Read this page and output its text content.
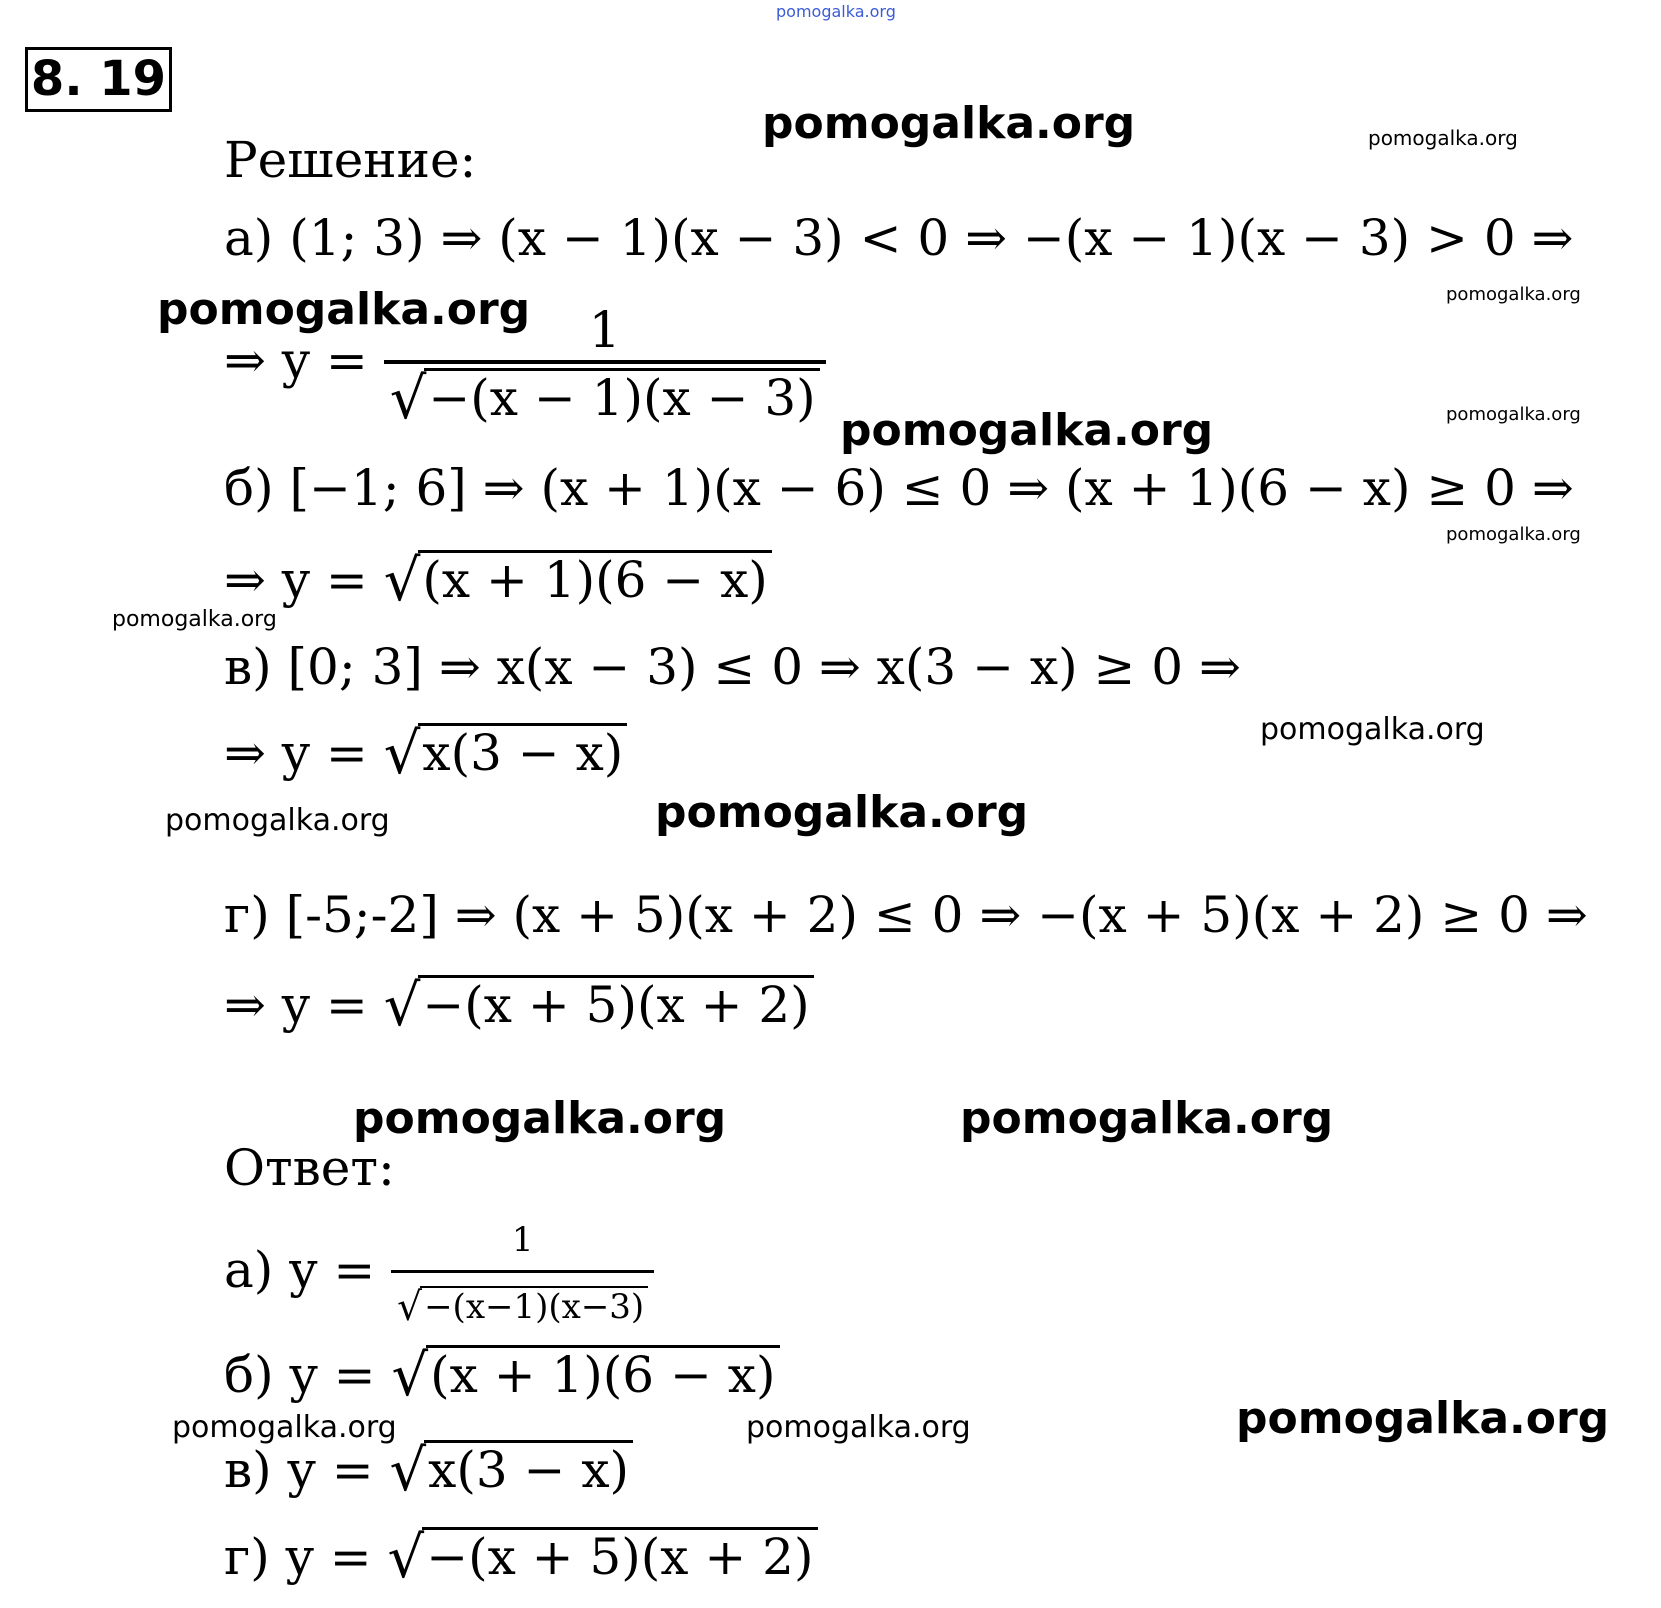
pomogalka.org
8. 19
pomogalka.org	pomogalka.org
pomogalka.org	pomogalka.org
pomogalka.org
pomogalka.org
pomogalka.org
pomogalka.org
pomogalka.org
pomogalka.org	pomogalka.org
pomogalka.org	pomogalka.org
pomogalka.org	pomogalka.org	pomogalka.org
Решение:
а) (1; 3) ⇒ (x − 1)(x − 3) < 0 ⇒ −(x − 1)(x − 3) > 0 ⇒
⇒ $y = \frac{1}{√-(x - 1)(x - 3)}$
б) [−1; 6] ⇒ (x + 1)(x − 6) ≤ 0 ⇒ (x + 1)(6 − x) ≥ 0 ⇒
⇒ y = √(x + 1)(6 − x)
в) [0; 3] ⇒ x(x − 3) ≤ 0 ⇒ x(3 − x) ≥ 0 ⇒
⇒ y = √x(3 − x)
г) [-5;-2] ⇒ (x + 5)(x + 2) ≤ 0 ⇒ −(x + 5)(x + 2) ≥ 0 ⇒
⇒ y = √−(x + 5)(x + 2)
Ответ:
а) $y = \frac{1}{√-(x-1)(x-3)}$
б) y = √(x + 1)(6 − x)
в) y = √x(3 − x)
г) y = √−(x + 5)(x + 2)
pomogalka.org
